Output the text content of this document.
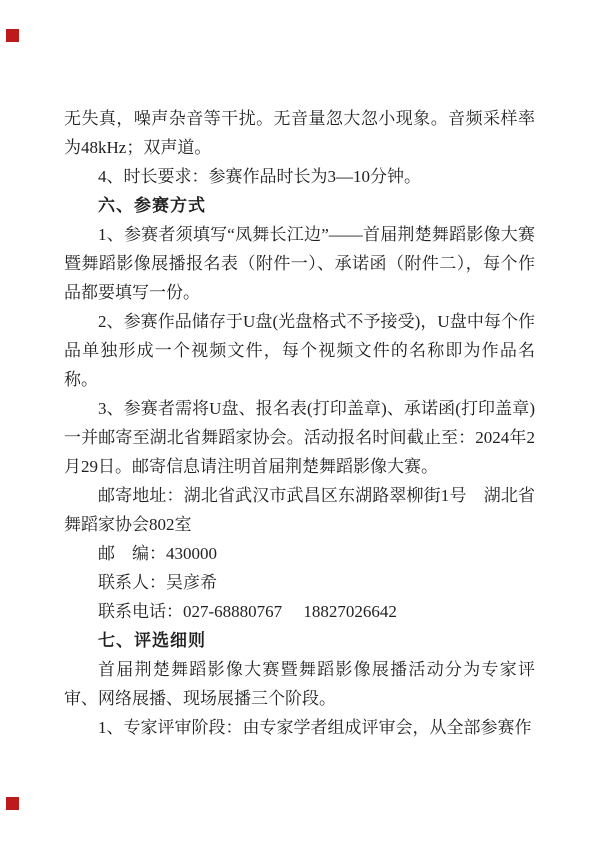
无失真，噪声杂音等干扰。无音量忽大忽小现象。音频采样率为48kHz；双声道。

4、时长要求：参赛作品时长为3—10分钟。

六、参赛方式

1、参赛者须填写“凤舞长江边”——首届荆楚舞蹈影像大赛暨舞蹈影像展播报名表（附件一）、承诺函（附件二），每个作品都要填写一份。

2、参赛作品储存于U盘(光盘格式不予接受)，U盘中每个作品单独形成一个视频文件，每个视频文件的名称即为作品名称。

3、参赛者需将U盘、报名表(打印盖章)、承诺函(打印盖章)一并邮寄至湖北省舞蹈家协会。活动报名时间截止至：2024年2月29日。邮寄信息请注明首届荆楚舞蹈影像大赛。

邮寄地址：湖北省武汉市武昌区东湖路翠柳街1号　湖北省舞蹈家协会802室

邮　编：430000

联系人：吴彦希

联系电话：027-68880767　 18827026642

七、评选细则

首届荆楚舞蹈影像大赛暨舞蹈影像展播活动分为专家评审、网络展播、现场展播三个阶段。

1、专家评审阶段：由专家学者组成评审会，从全部参赛作
